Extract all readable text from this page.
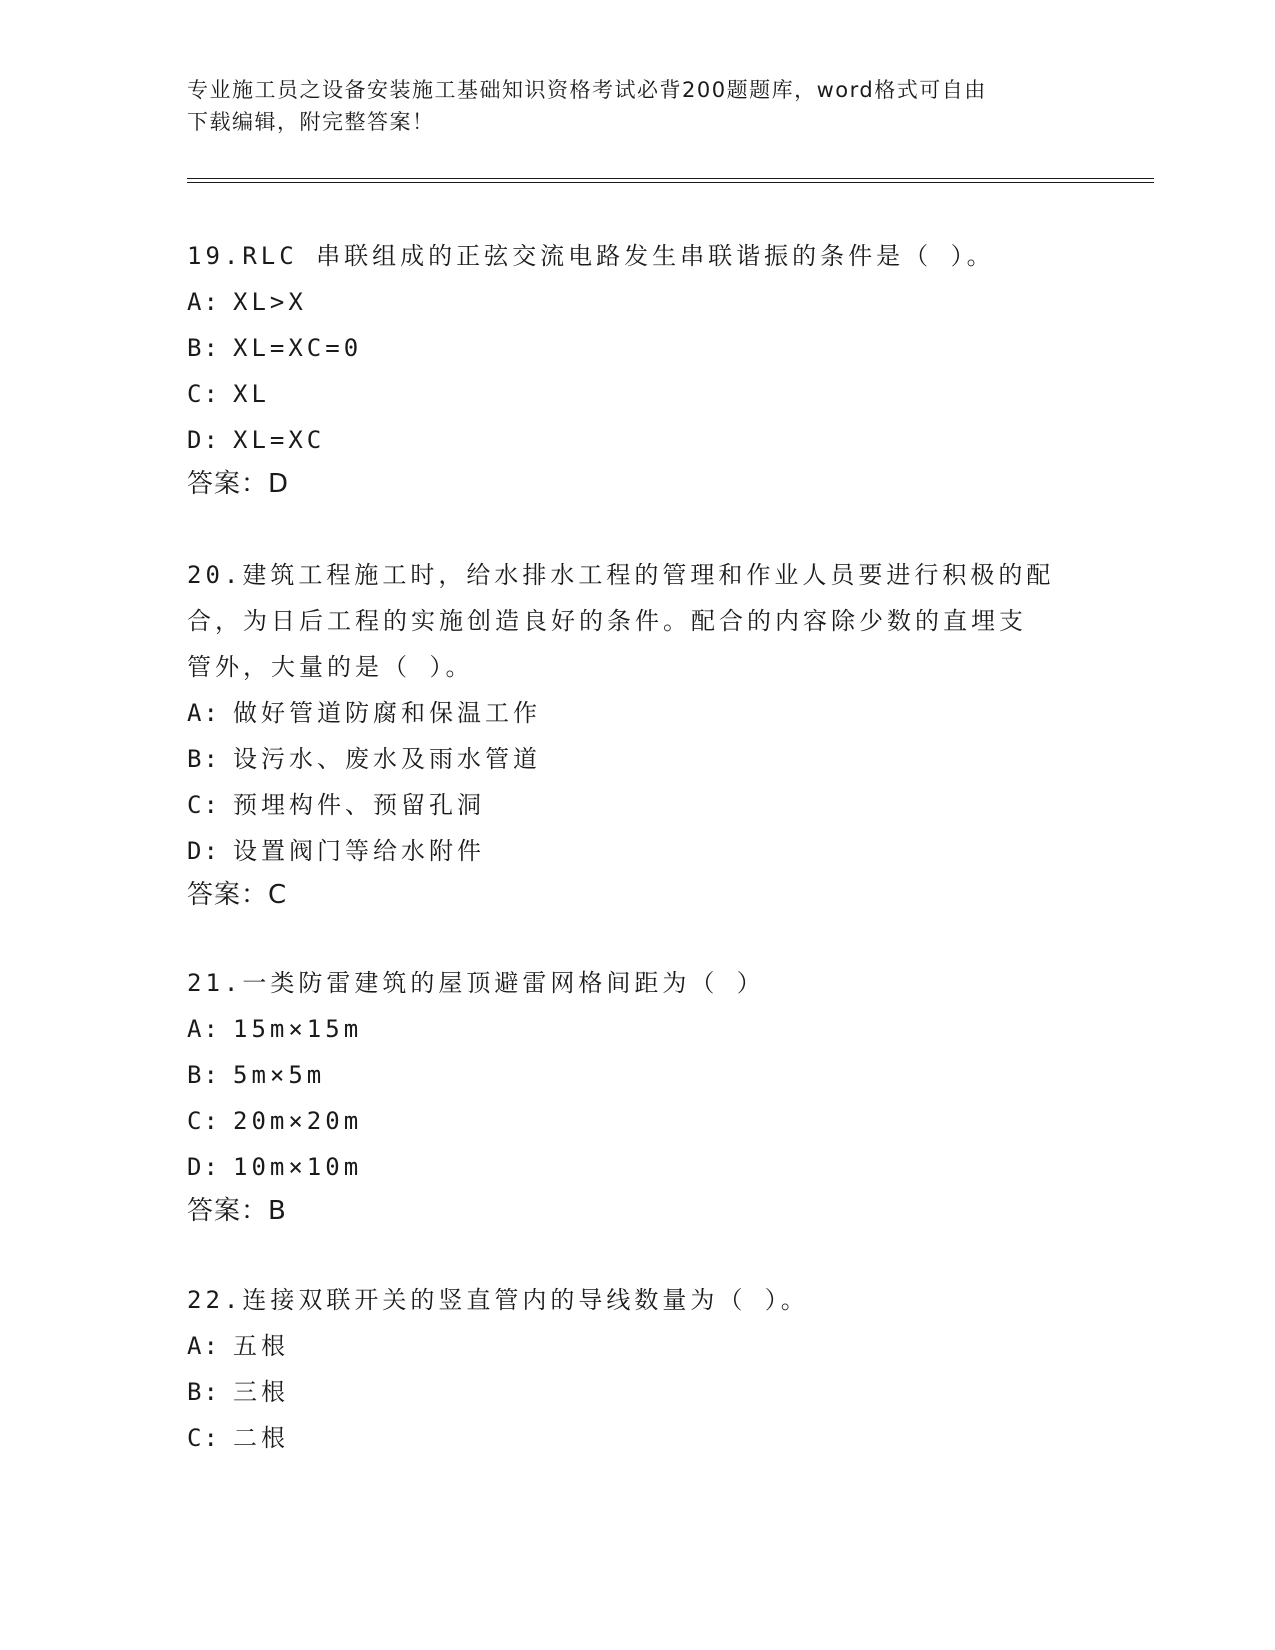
专业施工员之设备安装施工基础知识资格考试必背200题题库，word格式可自由
下载编辑，附完整答案！
19.RLC 串联组成的正弦交流电路发生串联谐振的条件是（ ）。
A: XL>X
B: XL=XC=0
C: XL
D: XL=XC
答案：D
20.建筑工程施工时，给水排水工程的管理和作业人员要进行积极的配
合，为日后工程的实施创造良好的条件。配合的内容除少数的直埋支
管外，大量的是（ ）。
A: 做好管道防腐和保温工作
B: 设污水、废水及雨水管道
C: 预埋构件、预留孔洞
D: 设置阀门等给水附件
答案：C
21.一类防雷建筑的屋顶避雷网格间距为（ ）
A: 15m×15m
B: 5m×5m
C: 20m×20m
D: 10m×10m
答案：B
22.连接双联开关的竖直管内的导线数量为（ ）。
A: 五根
B: 三根
C: 二根
